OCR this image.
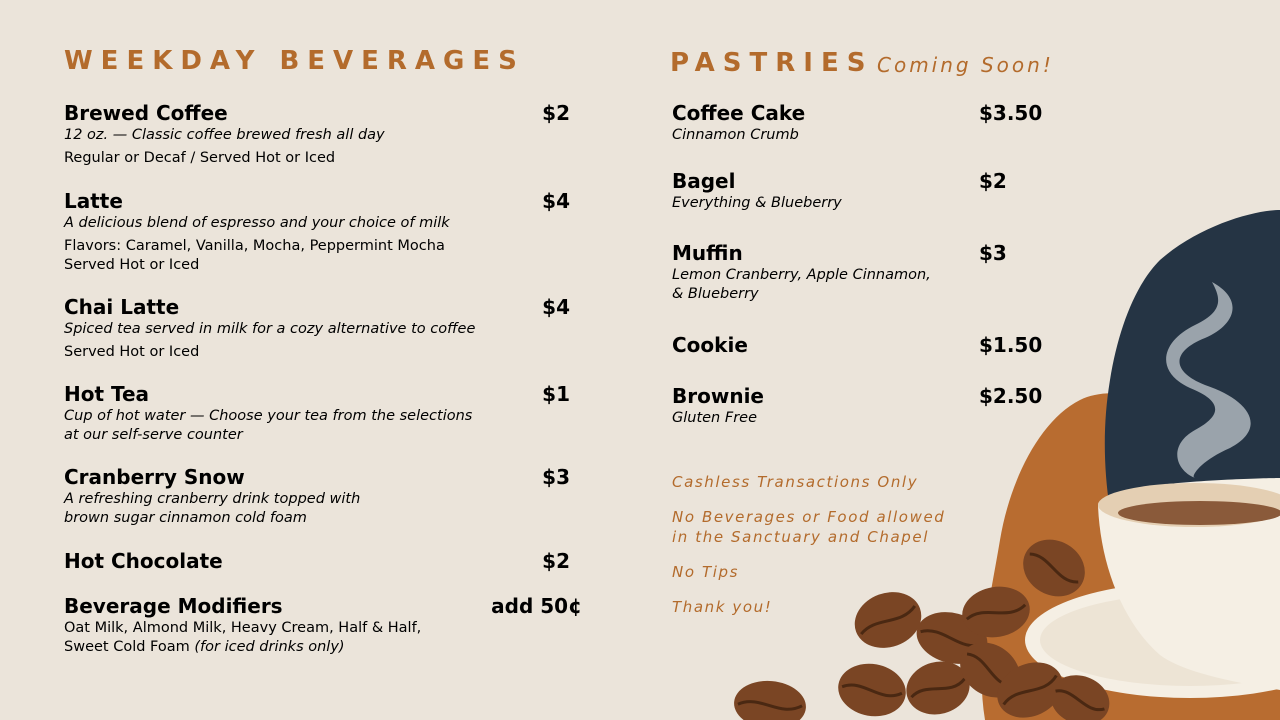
WEEKDAY BEVERAGES
Brewed Coffee	$2
12 oz. — Classic coffee brewed fresh all day
Regular or Decaf / Served Hot or Iced
Latte	$4
A delicious blend of espresso and your choice of milk
Flavors: Caramel, Vanilla, Mocha, Peppermint Mocha
Served Hot or Iced
Chai Latte	$4
Spiced tea served in milk for a cozy alternative to coffee
Served Hot or Iced
Hot Tea	$1
Cup of hot water — Choose your tea from the selections
at our self-serve counter
Cranberry Snow	$3
A refreshing cranberry drink topped with
brown sugar cinnamon cold foam
Hot Chocolate	$2
Beverage Modifiers	add 50¢
Oat Milk, Almond Milk, Heavy Cream, Half & Half,
Sweet Cold Foam (for iced drinks only)
PASTRIES Coming Soon!
Coffee Cake	$3.50
Cinnamon Crumb
Bagel	$2
Everything & Blueberry
Muffin	$3
Lemon Cranberry, Apple Cinnamon,
& Blueberry
Cookie	$1.50
Brownie	$2.50
Gluten Free
Cashless Transactions Only
No Beverages or Food allowed
in the Sanctuary and Chapel
No Tips
Thank you!
